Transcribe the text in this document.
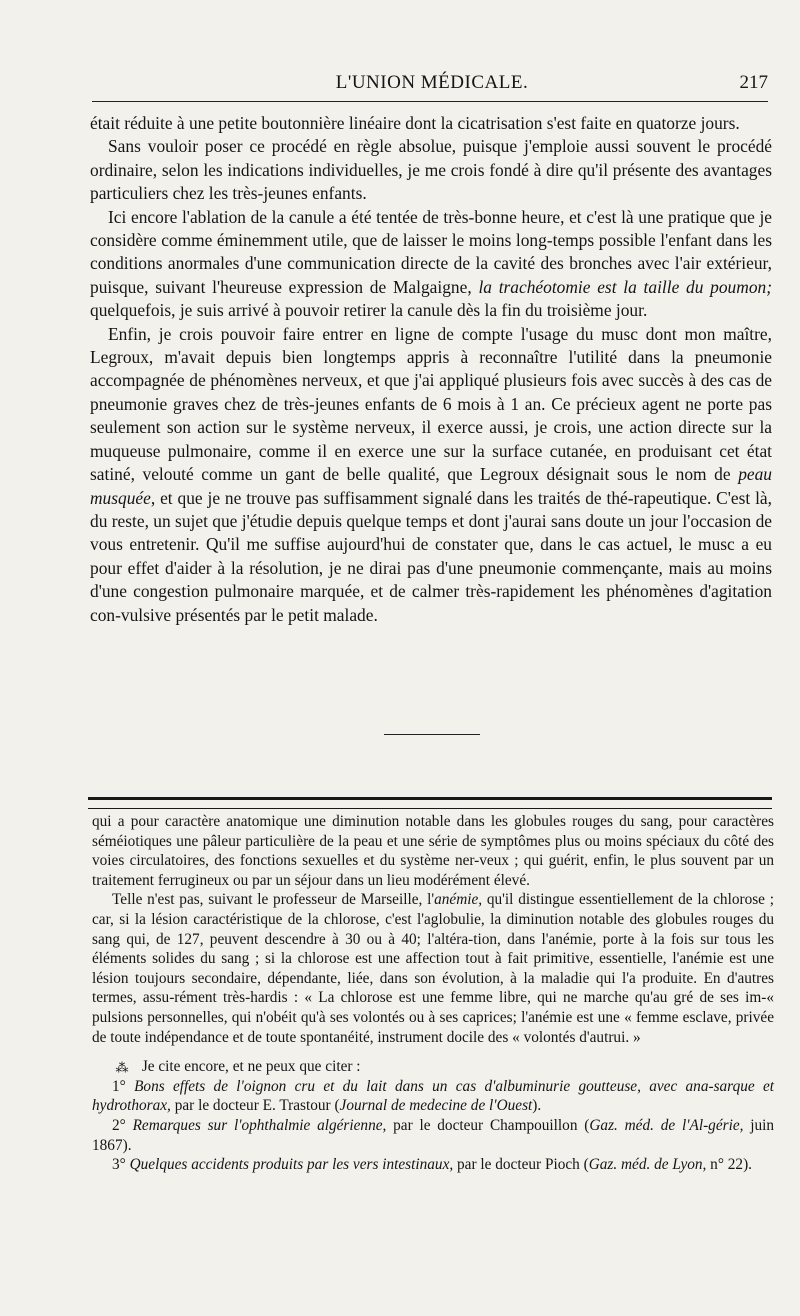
L'UNION MÉDICALE.	217

était réduite à une petite boutonnière linéaire dont la cicatrisation s'est faite en quatorze jours.

Sans vouloir poser ce procédé en règle absolue, puisque j'emploie aussi souvent le procédé ordinaire, selon les indications individuelles, je me crois fondé à dire qu'il présente des avantages particuliers chez les très-jeunes enfants.

Ici encore l'ablation de la canule a été tentée de très-bonne heure, et c'est là une pratique que je considère comme éminemment utile, que de laisser le moins long-temps possible l'enfant dans les conditions anormales d'une communication directe de la cavité des bronches avec l'air extérieur, puisque, suivant l'heureuse expression de Malgaigne, la trachéotomie est la taille du poumon; quelquefois, je suis arrivé à pouvoir retirer la canule dès la fin du troisième jour.

Enfin, je crois pouvoir faire entrer en ligne de compte l'usage du musc dont mon maître, Legroux, m'avait depuis bien longtemps appris à reconnaître l'utilité dans la pneumonie accompagnée de phénomènes nerveux, et que j'ai appliqué plusieurs fois avec succès à des cas de pneumonie graves chez de très-jeunes enfants de 6 mois à 1 an. Ce précieux agent ne porte pas seulement son action sur le système nerveux, il exerce aussi, je crois, une action directe sur la muqueuse pulmonaire, comme il en exerce une sur la surface cutanée, en produisant cet état satiné, velouté comme un gant de belle qualité, que Legroux désignait sous le nom de peau musquée, et que je ne trouve pas suffisamment signalé dans les traités de thé-rapeutique. C'est là, du reste, un sujet que j'étudie depuis quelque temps et dont j'aurai sans doute un jour l'occasion de vous entretenir. Qu'il me suffise aujourd'hui de constater que, dans le cas actuel, le musc a eu pour effet d'aider à la résolution, je ne dirai pas d'une pneumonie commençante, mais au moins d'une congestion pulmonaire marquée, et de calmer très-rapidement les phénomènes d'agitation con-vulsive présentés par le petit malade.

qui a pour caractère anatomique une diminution notable dans les globules rouges du sang, pour caractères séméiotiques une pâleur particulière de la peau et une série de symptômes plus ou moins spéciaux du côté des voies circulatoires, des fonctions sexuelles et du système ner-veux ; qui guérit, enfin, le plus souvent par un traitement ferrugineux ou par un séjour dans un lieu modérément élevé.

Telle n'est pas, suivant le professeur de Marseille, l'anémie, qu'il distingue essentiellement de la chlorose ; car, si la lésion caractéristique de la chlorose, c'est l'aglobulie, la diminution notable des globules rouges du sang qui, de 127, peuvent descendre à 30 ou à 40; l'altéra-tion, dans l'anémie, porte à la fois sur tous les éléments solides du sang ; si la chlorose est une affection tout à fait primitive, essentielle, l'anémie est une lésion toujours secondaire, dépendante, liée, dans son évolution, à la maladie qui l'a produite. En d'autres termes, assu-rément très-hardis : « La chlorose est une femme libre, qui ne marche qu'au gré de ses im-« pulsions personnelles, qui n'obéit qu'à ses volontés ou à ses caprices; l'anémie est une « femme esclave, privée de toute indépendance et de toute spontanéité, instrument docile des « volontés d'autrui. »

⁂ Je cite encore, et ne peux que citer :

1° Bons effets de l'oignon cru et du lait dans un cas d'albuminurie goutteuse, avec ana-sarque et hydrothorax, par le docteur E. Trastour (Journal de medecine de l'Ouest).

2° Remarques sur l'ophthalmie algérienne, par le docteur Champouillon (Gaz. méd. de l'Al-gérie, juin 1867).

3° Quelques accidents produits par les vers intestinaux, par le docteur Pioch (Gaz. méd. de Lyon, n° 22).
